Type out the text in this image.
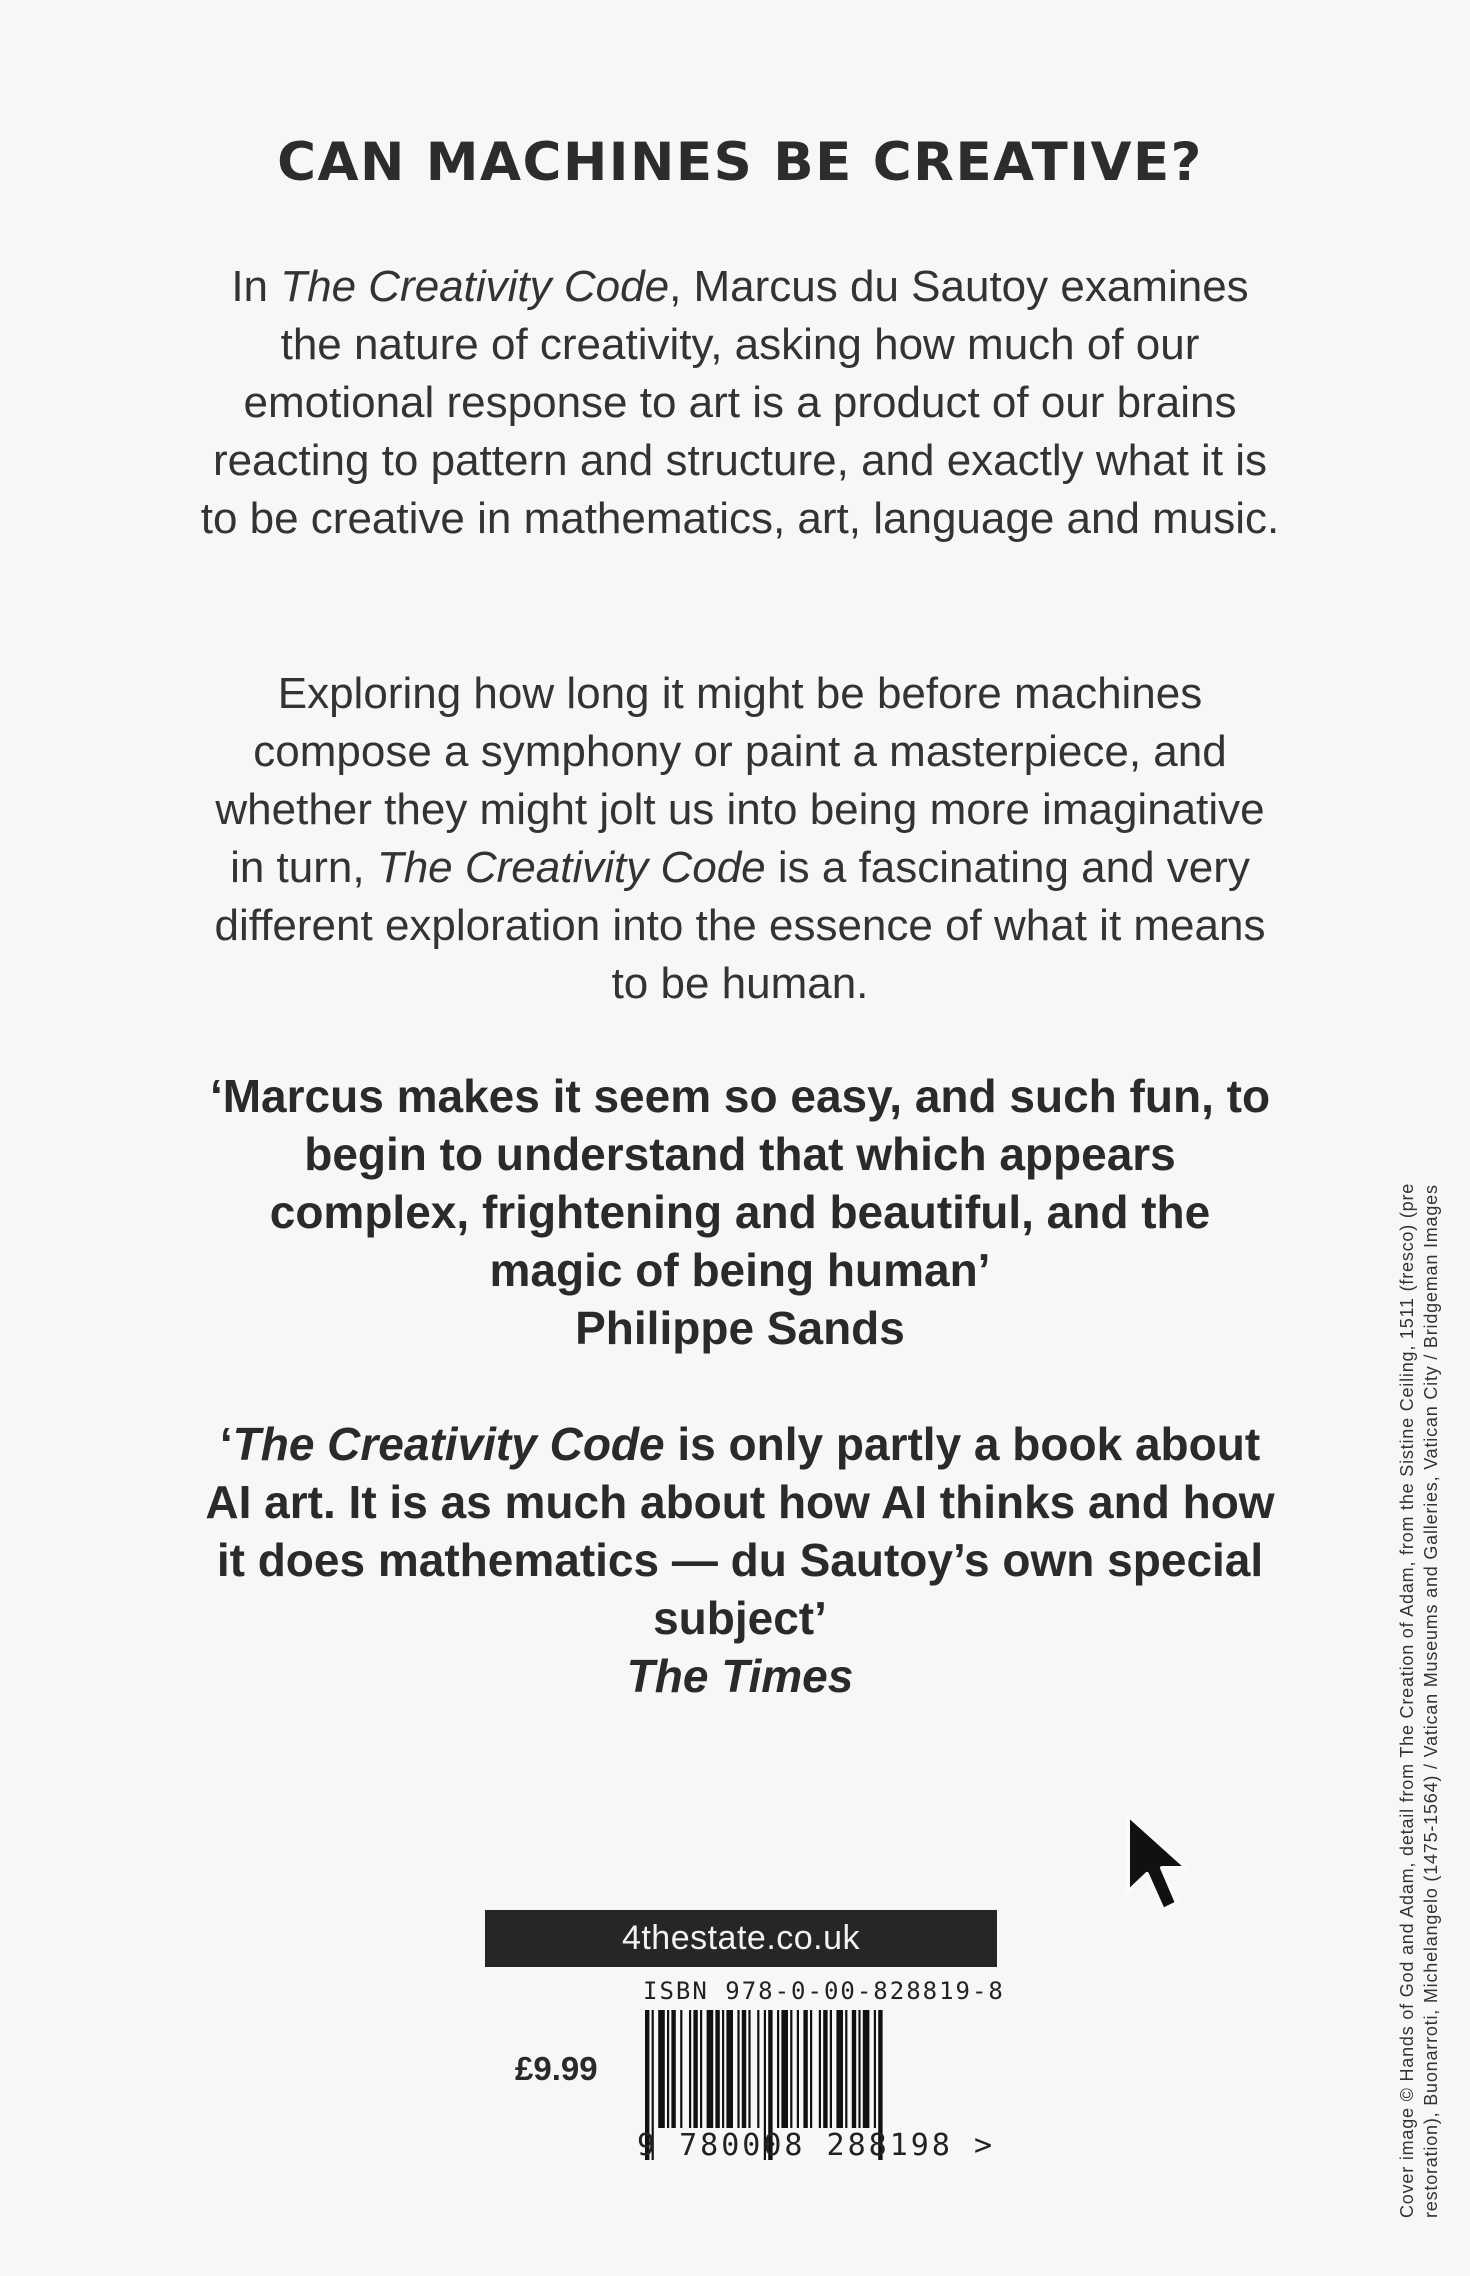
CAN MACHINES BE CREATIVE?

In The Creativity Code, Marcus du Sautoy examines the nature of creativity, asking how much of our emotional response to art is a product of our brains reacting to pattern and structure, and exactly what it is to be creative in mathematics, art, language and music.

Exploring how long it might be before machines compose a symphony or paint a masterpiece, and whether they might jolt us into being more imaginative in turn, The Creativity Code is a fascinating and very different exploration into the essence of what it means to be human.

‘Marcus makes it seem so easy, and such fun, to begin to understand that which appears complex, frightening and beautiful, and the magic of being human’
Philippe Sands
‘The Creativity Code is only partly a book about AI art. It is as much about how AI thinks and how it does mathematics — du Sautoy’s own special subject’
The Times
4thestate.co.uk
ISBN 978-0-00-828819-8
£9.99
9 780008 288198 >	Cover image © Hands of God and Adam, detail from The Creation of Adam, from the Sistine Ceiling, 1511 (fresco) (pre restoration), Buonarroti, Michelangelo (1475-1564) / Vatican Museums and Galleries, Vatican City / Bridgeman Images
